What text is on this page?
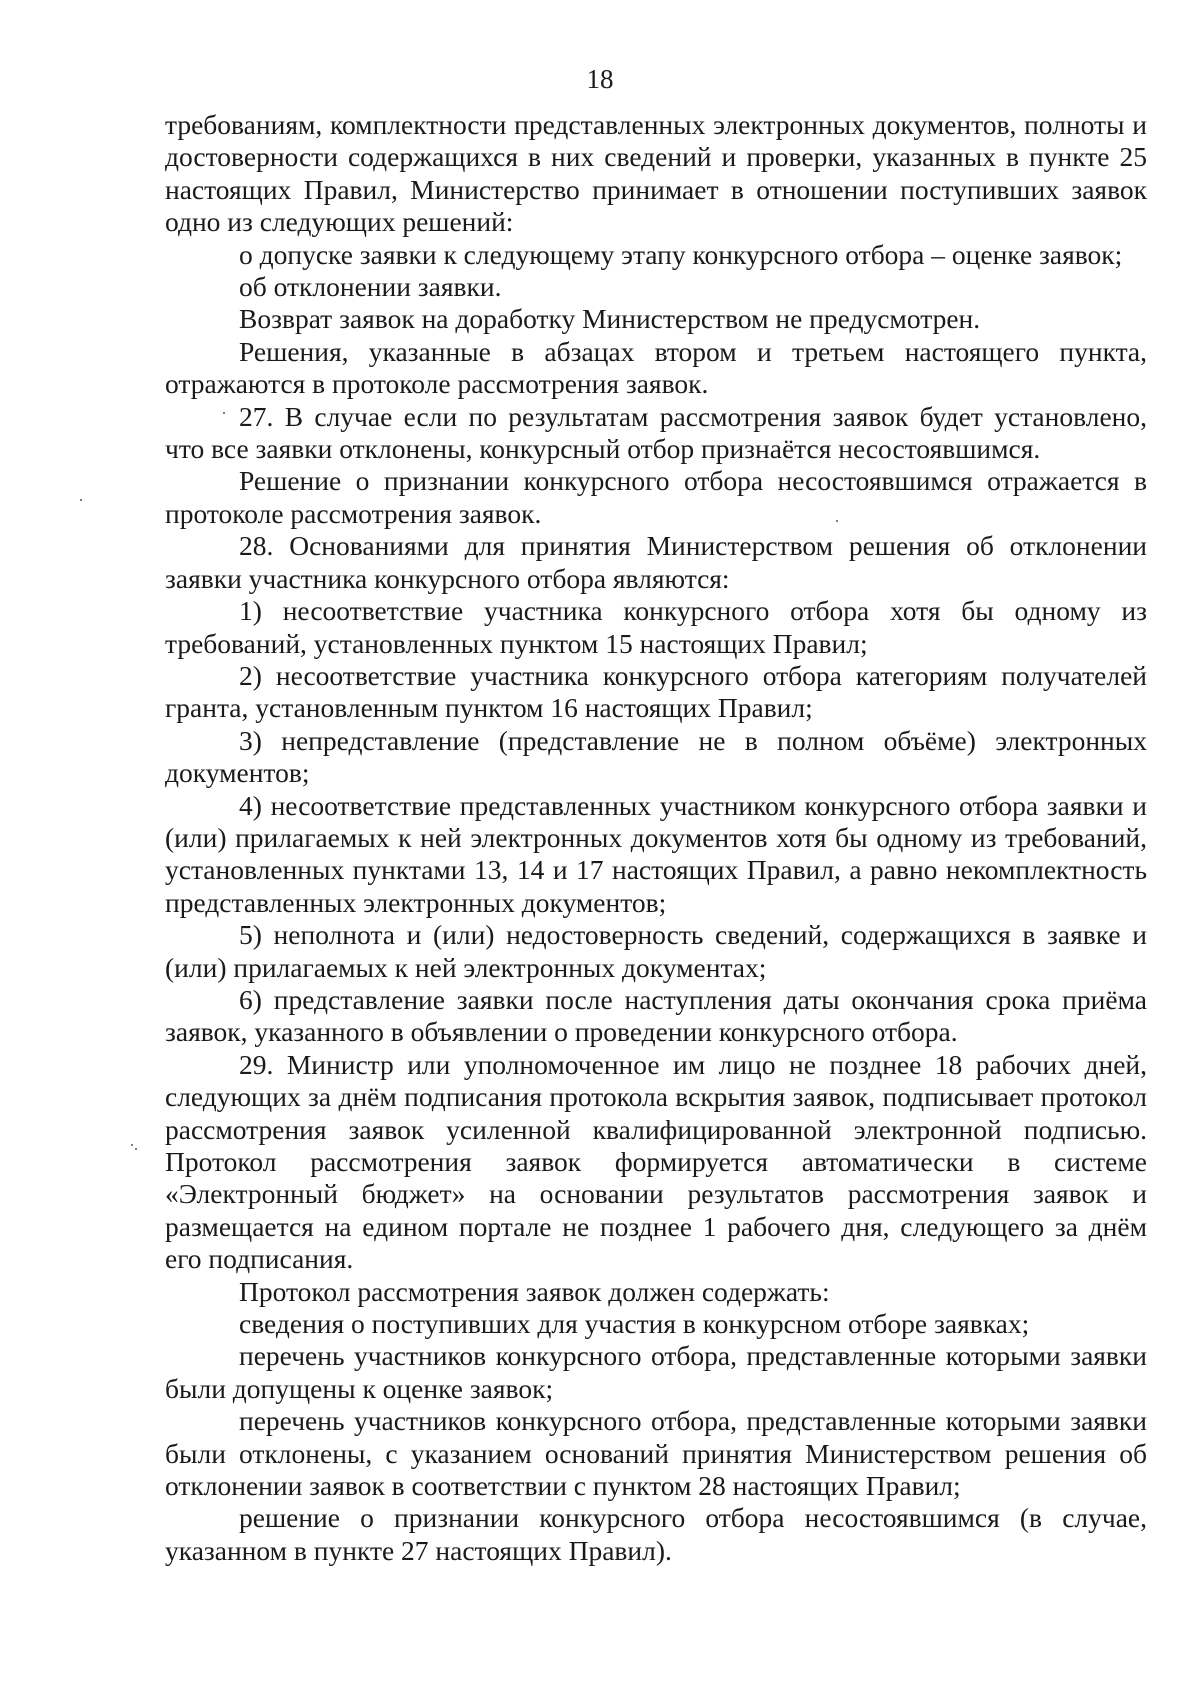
18

требованиям, комплектности представленных электронных документов, полноты и достоверности содержащихся в них сведений и проверки, указанных в пункте 25 настоящих Правил, Министерство принимает в отношении поступивших заявок одно из следующих решений:

о допуске заявки к следующему этапу конкурсного отбора – оценке заявок;

об отклонении заявки.

Возврат заявок на доработку Министерством не предусмотрен.

Решения, указанные в абзацах втором и третьем настоящего пункта, отражаются в протоколе рассмотрения заявок.

27. В случае если по результатам рассмотрения заявок будет установлено, что все заявки отклонены, конкурсный отбор признаётся несостоявшимся.

Решение о признании конкурсного отбора несостоявшимся отражается в протоколе рассмотрения заявок.

28. Основаниями для принятия Министерством решения об отклонении заявки участника конкурсного отбора являются:

1) несоответствие участника конкурсного отбора хотя бы одному из требований, установленных пунктом 15 настоящих Правил;

2) несоответствие участника конкурсного отбора категориям получателей гранта, установленным пунктом 16 настоящих Правил;

3) непредставление (представление не в полном объёме) электронных документов;

4) несоответствие представленных участником конкурсного отбора заявки и (или) прилагаемых к ней электронных документов хотя бы одному из требований, установленных пунктами 13, 14 и 17 настоящих Правил, а равно некомплектность представленных электронных документов;

5) неполнота и (или) недостоверность сведений, содержащихся в заявке и (или) прилагаемых к ней электронных документах;

6) представление заявки после наступления даты окончания срока приёма заявок, указанного в объявлении о проведении конкурсного отбора.

29. Министр или уполномоченное им лицо не позднее 18 рабочих дней, следующих за днём подписания протокола вскрытия заявок, подписывает протокол рассмотрения заявок усиленной квалифицированной электронной подписью. Протокол рассмотрения заявок формируется автоматически в системе «Электронный бюджет» на основании результатов рассмотрения заявок и размещается на едином портале не позднее 1 рабочего дня, следующего за днём его подписания.

Протокол рассмотрения заявок должен содержать:

сведения о поступивших для участия в конкурсном отборе заявках;

перечень участников конкурсного отбора, представленные которыми заявки были допущены к оценке заявок;

перечень участников конкурсного отбора, представленные которыми заявки были отклонены, с указанием оснований принятия Министерством решения об отклонении заявок в соответствии с пунктом 28 настоящих Правил;

решение о признании конкурсного отбора несостоявшимся (в случае, указанном в пункте 27 настоящих Правил).
